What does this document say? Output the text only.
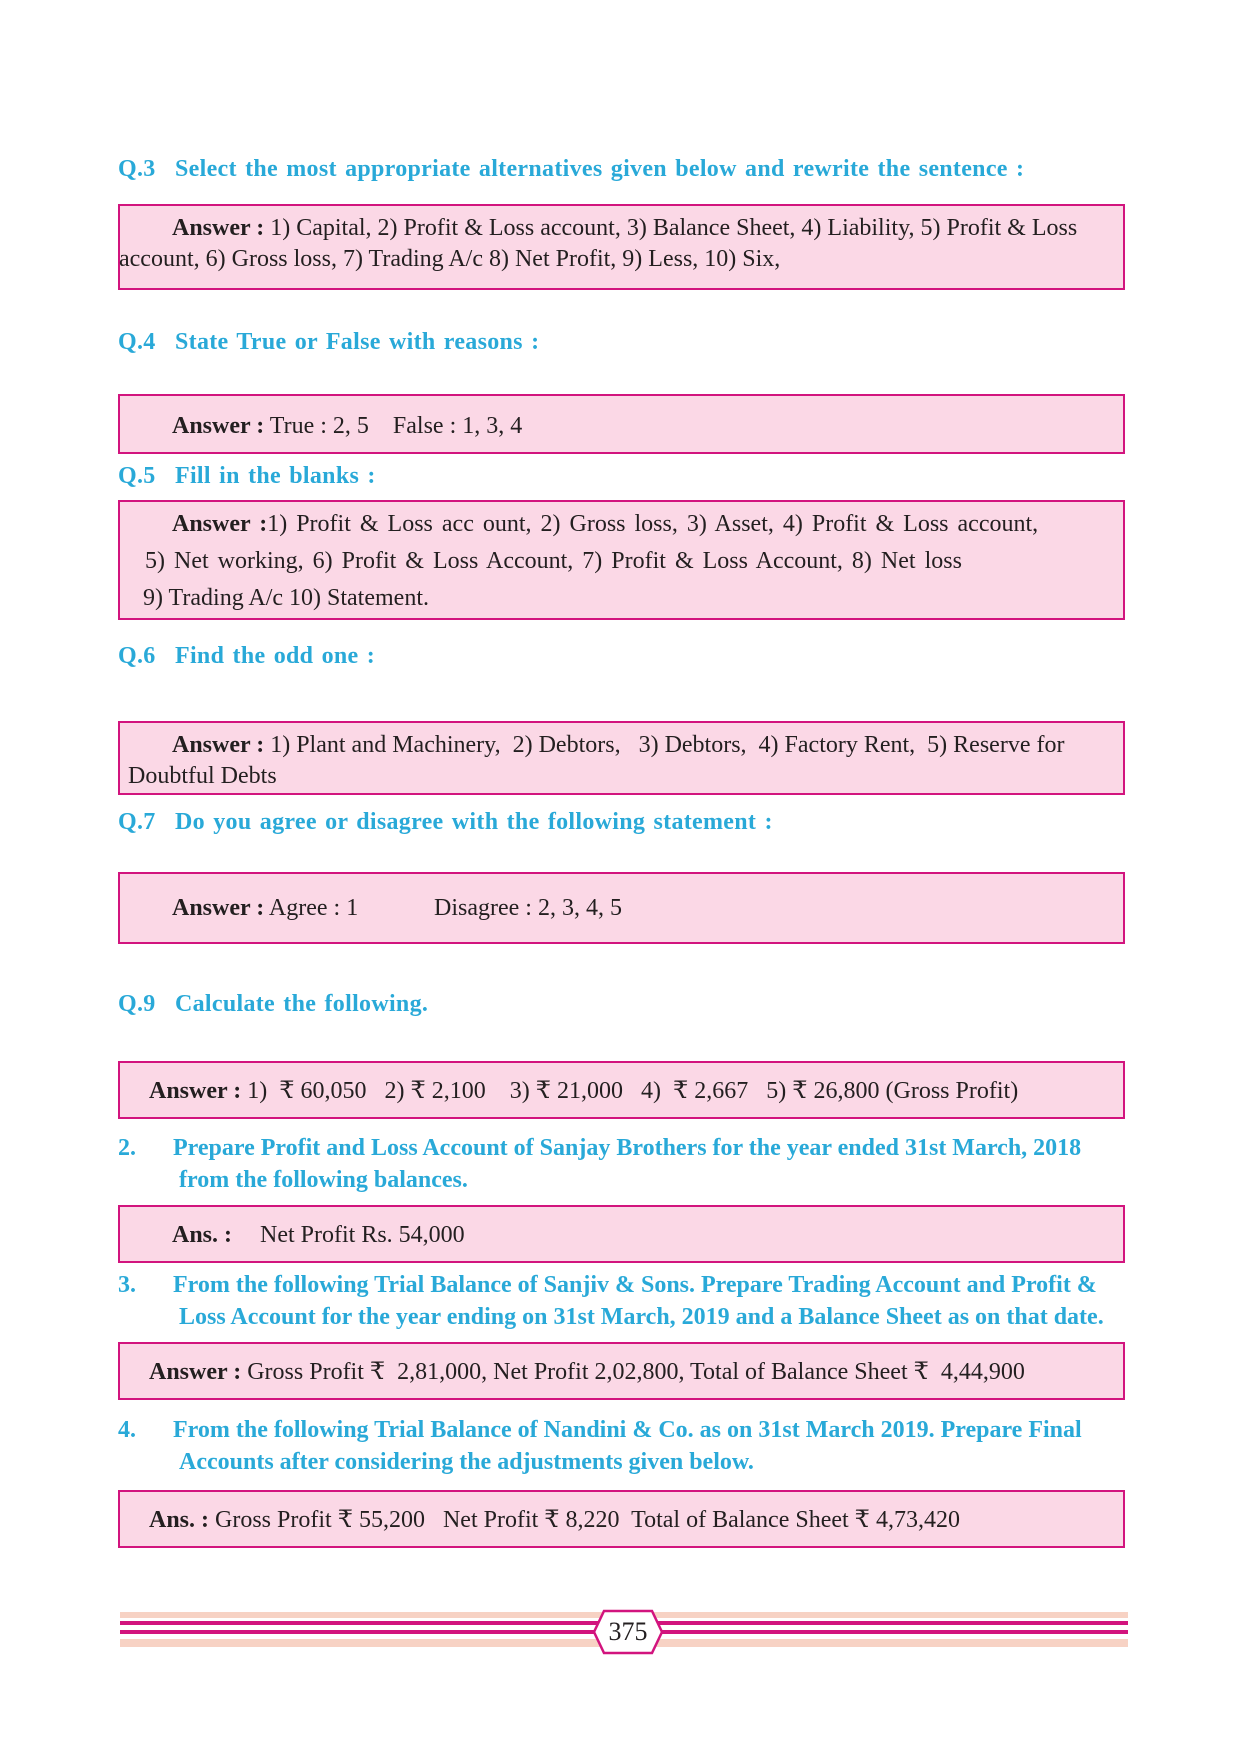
Q.3 Select the most appropriate alternatives given below and rewrite the sentence :

Answer : 1) Capital, 2) Profit & Loss account, 3) Balance Sheet, 4) Liability, 5) Profit & Loss
account, 6) Gross loss, 7) Trading A/c 8) Net Profit, 9) Less, 10) Six,

Q.4 State True or False with reasons :

Answer : True : 2, 5    False : 1, 3, 4

Q.5 Fill in the blanks :

Answer :1) Profit & Loss acc ount, 2) Gross loss, 3) Asset, 4) Profit & Loss account,
5) Net working, 6) Profit & Loss Account, 7) Profit & Loss Account, 8) Net loss
9) Trading A/c 10) Statement.

Q.6 Find the odd one :

Answer : 1) Plant and Machinery,  2) Debtors,   3) Debtors,  4) Factory Rent,  5) Reserve for
Doubtful Debts

Q.7 Do you agree or disagree with the following statement :

Answer : Agree : 1	Disagree : 2, 3, 4, 5

Q.9 Calculate the following.

Answer : 1)  ₹ 60,050   2) ₹ 2,100    3) ₹ 21,000   4)  ₹ 2,667   5) ₹ 26,800 (Gross Profit)
2. Prepare Profit and Loss Account of Sanjay Brothers for the year ended 31st March, 2018
from the following balances.
Ans. : Net Profit Rs. 54,000
3. From the following Trial Balance of Sanjiv & Sons. Prepare Trading Account and Profit &
Loss Account for the year ending on 31st March, 2019 and a Balance Sheet as on that date.
Answer : Gross Profit ₹  2,81,000, Net Profit 2,02,800, Total of Balance Sheet ₹  4,44,900
4. From the following Trial Balance of Nandini & Co. as on 31st March 2019. Prepare Final
Accounts after considering the adjustments given below.
Ans. : Gross Profit ₹ 55,200   Net Profit ₹ 8,220  Total of Balance Sheet ₹ 4,73,420
375
